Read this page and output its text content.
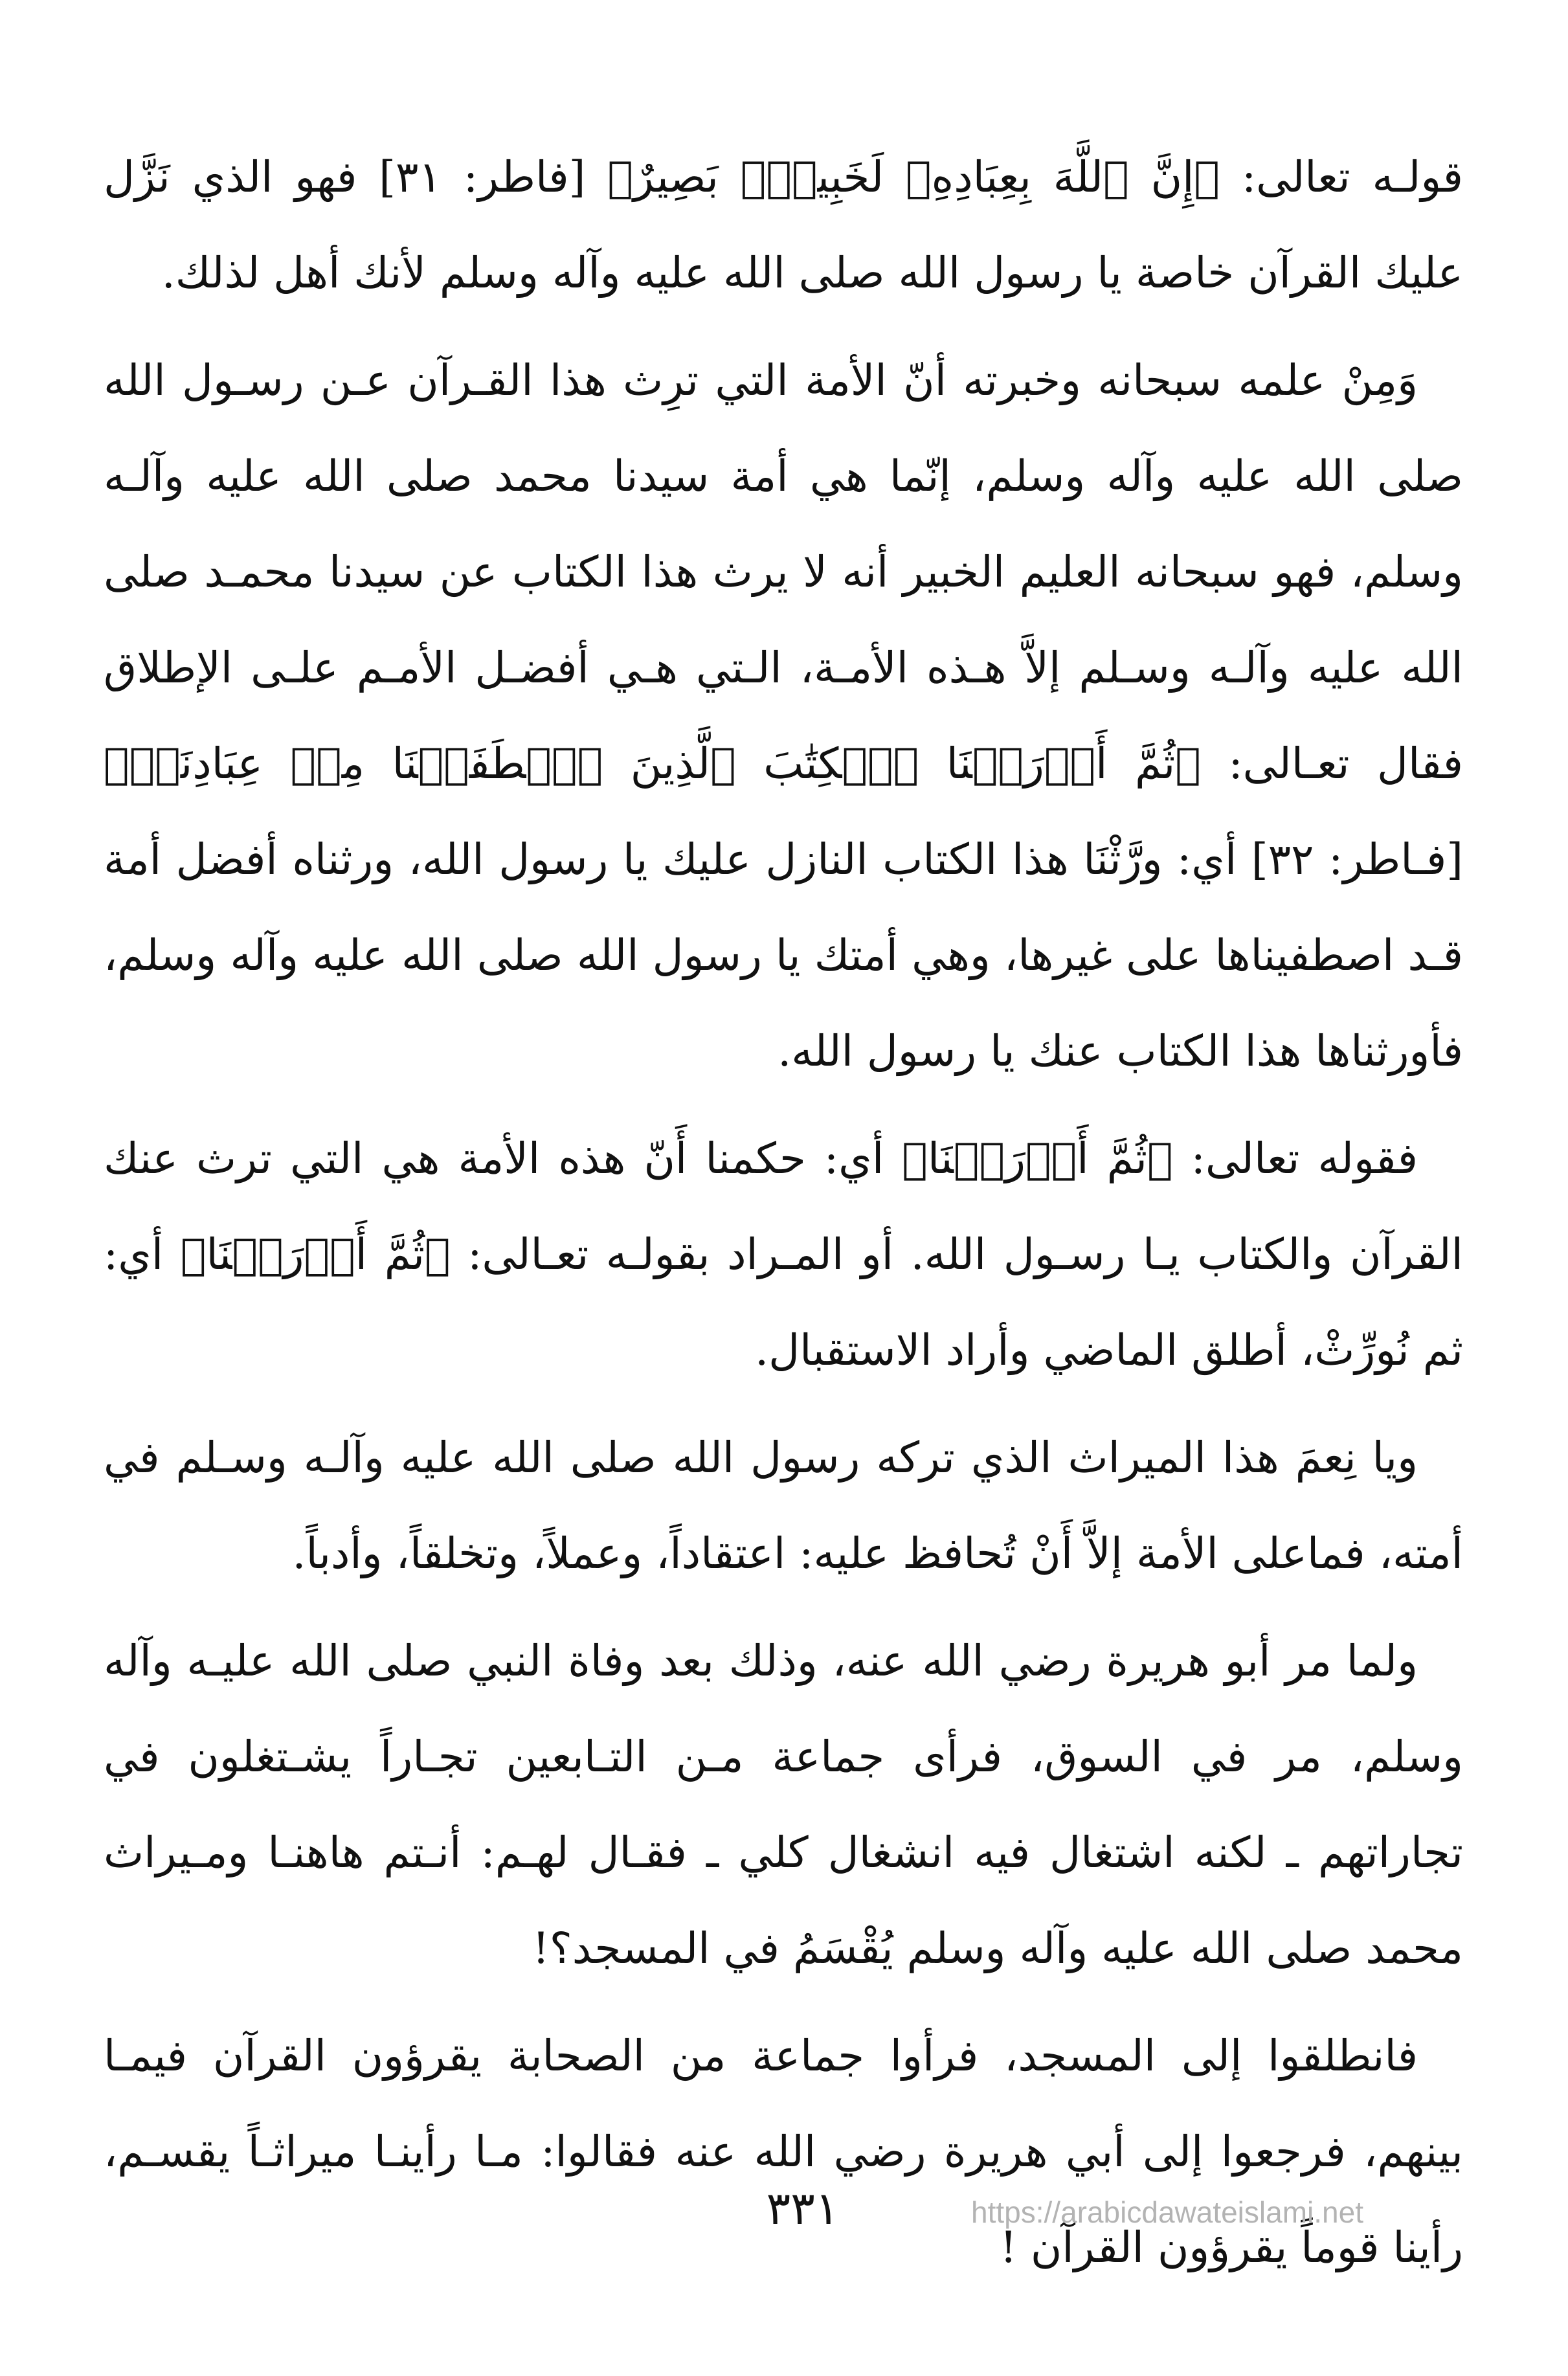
قولـه تعالى: ﴿إِنَّ ٱللَّهَ بِعِبَادِهِۦ لَخَبِيرُۢ بَصِيرٌ﴾ [فاطر: ٣١] فهو الذي نَزَّل عليك القرآن خاصة يا رسول الله صلى الله عليه وآله وسلم لأنك أهل لذلك.

وَمِنْ علمه سبحانه وخبرته أنّ الأمة التي ترِث هذا القـرآن عـن رسـول الله صلى الله عليه وآله وسلم، إنّما هي أمة سيدنا محمد صلى الله عليه وآلـه وسلم، فهو سبحانه العليم الخبير أنه لا يرث هذا الكتاب عن سيدنا محمـد صلى الله عليه وآلـه وسـلم إلاَّ هـذه الأمـة، الـتي هـي أفضـل الأمـم علـى الإطلاق فقال تعـالى: ﴿ثُمَّ أَوۡرَثۡنَا ٱلۡكِتَٰبَ ٱلَّذِينَ ٱصۡطَفَيۡنَا مِنۡ عِبَادِنَاۖ﴾ [فـاطر: ٣٢] أي: ورَّثْنَا هذا الكتاب النازل عليك يا رسول الله، ورثناه أفضل أمة قـد اصطفيناها على غيرها، وهي أمتك يا رسول الله صلى الله عليه وآله وسلم، فأورثناها هذا الكتاب عنك يا رسول الله.

فقوله تعالى: ﴿ثُمَّ أَوۡرَثۡنَا﴾ أي: حكمنا أَنّ هذه الأمة هي التي ترث عنك القرآن والكتاب يـا رسـول الله. أو المـراد بقولـه تعـالى: ﴿ثُمَّ أَوۡرَثۡنَا﴾ أي: ثم نُورِّثْ، أطلق الماضي وأراد الاستقبال.

ويا نِعمَ هذا الميراث الذي تركه رسول الله صلى الله عليه وآلـه وسـلم في أمته، فماعلى الأمة إلاَّ أَنْ تُحافظ عليه: اعتقاداً، وعملاً، وتخلقاً، وأدباً.

ولما مر أبو هريرة رضي الله عنه، وذلك بعد وفاة النبي صلى الله عليـه وآله وسلم، مر في السوق، فرأى جماعة مـن التـابعين تجـاراً يشـتغلون في تجاراتهم ـ لكنه اشتغال فيه انشغال كلي ـ فقـال لهـم: أنـتم هاهنـا ومـيراث محمد صلى الله عليه وآله وسلم يُقْسَمُ في المسجد؟!

فانطلقوا إلى المسجد، فرأوا جماعة من الصحابة يقرؤون القرآن فيمـا بينهم، فرجعوا إلى أبي هريرة رضي الله عنه فقالوا: مـا رأينـا ميراثـاً يقسـم، رأينا قوماً يقرؤون القرآن !

٣٣١	https://arabicdawateislami.net
